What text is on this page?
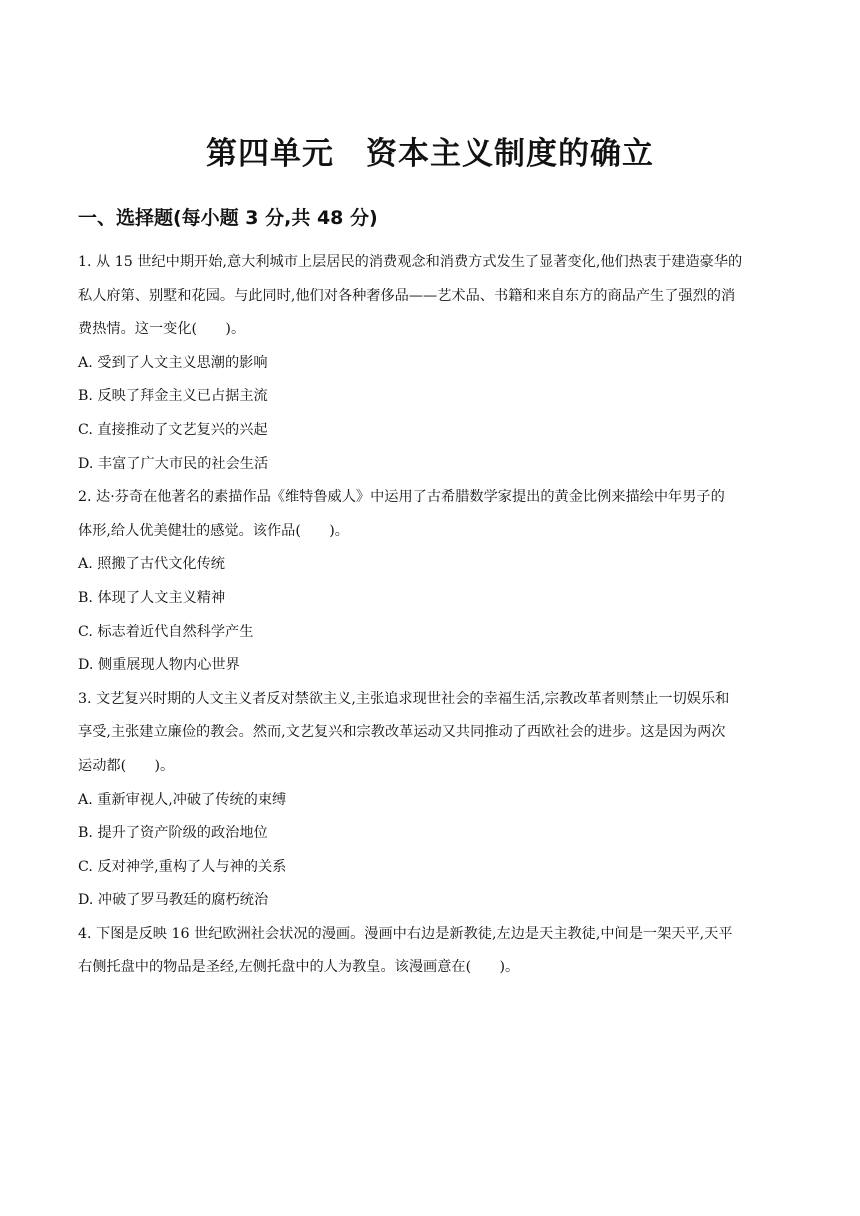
第四单元　资本主义制度的确立
一、选择题(每小题 3 分,共 48 分)
1. 从 15 世纪中期开始,意大利城市上层居民的消费观念和消费方式发生了显著变化,他们热衷于建造豪华的
私人府第、别墅和花园。与此同时,他们对各种奢侈品——艺术品、书籍和来自东方的商品产生了强烈的消
费热情。这一变化(　　)。
A. 受到了人文主义思潮的影响
B. 反映了拜金主义已占据主流
C. 直接推动了文艺复兴的兴起
D. 丰富了广大市民的社会生活
2. 达·芬奇在他著名的素描作品《维特鲁威人》中运用了古希腊数学家提出的黄金比例来描绘中年男子的
体形,给人优美健壮的感觉。该作品(　　)。
A. 照搬了古代文化传统
B. 体现了人文主义精神
C. 标志着近代自然科学产生
D. 侧重展现人物内心世界
3. 文艺复兴时期的人文主义者反对禁欲主义,主张追求现世社会的幸福生活,宗教改革者则禁止一切娱乐和
享受,主张建立廉俭的教会。然而,文艺复兴和宗教改革运动又共同推动了西欧社会的进步。这是因为两次
运动都(　　)。
A. 重新审视人,冲破了传统的束缚
B. 提升了资产阶级的政治地位
C. 反对神学,重构了人与神的关系
D. 冲破了罗马教廷的腐朽统治
4. 下图是反映 16 世纪欧洲社会状况的漫画。漫画中右边是新教徒,左边是天主教徒,中间是一架天平,天平
右侧托盘中的物品是圣经,左侧托盘中的人为教皇。该漫画意在(　　)。
